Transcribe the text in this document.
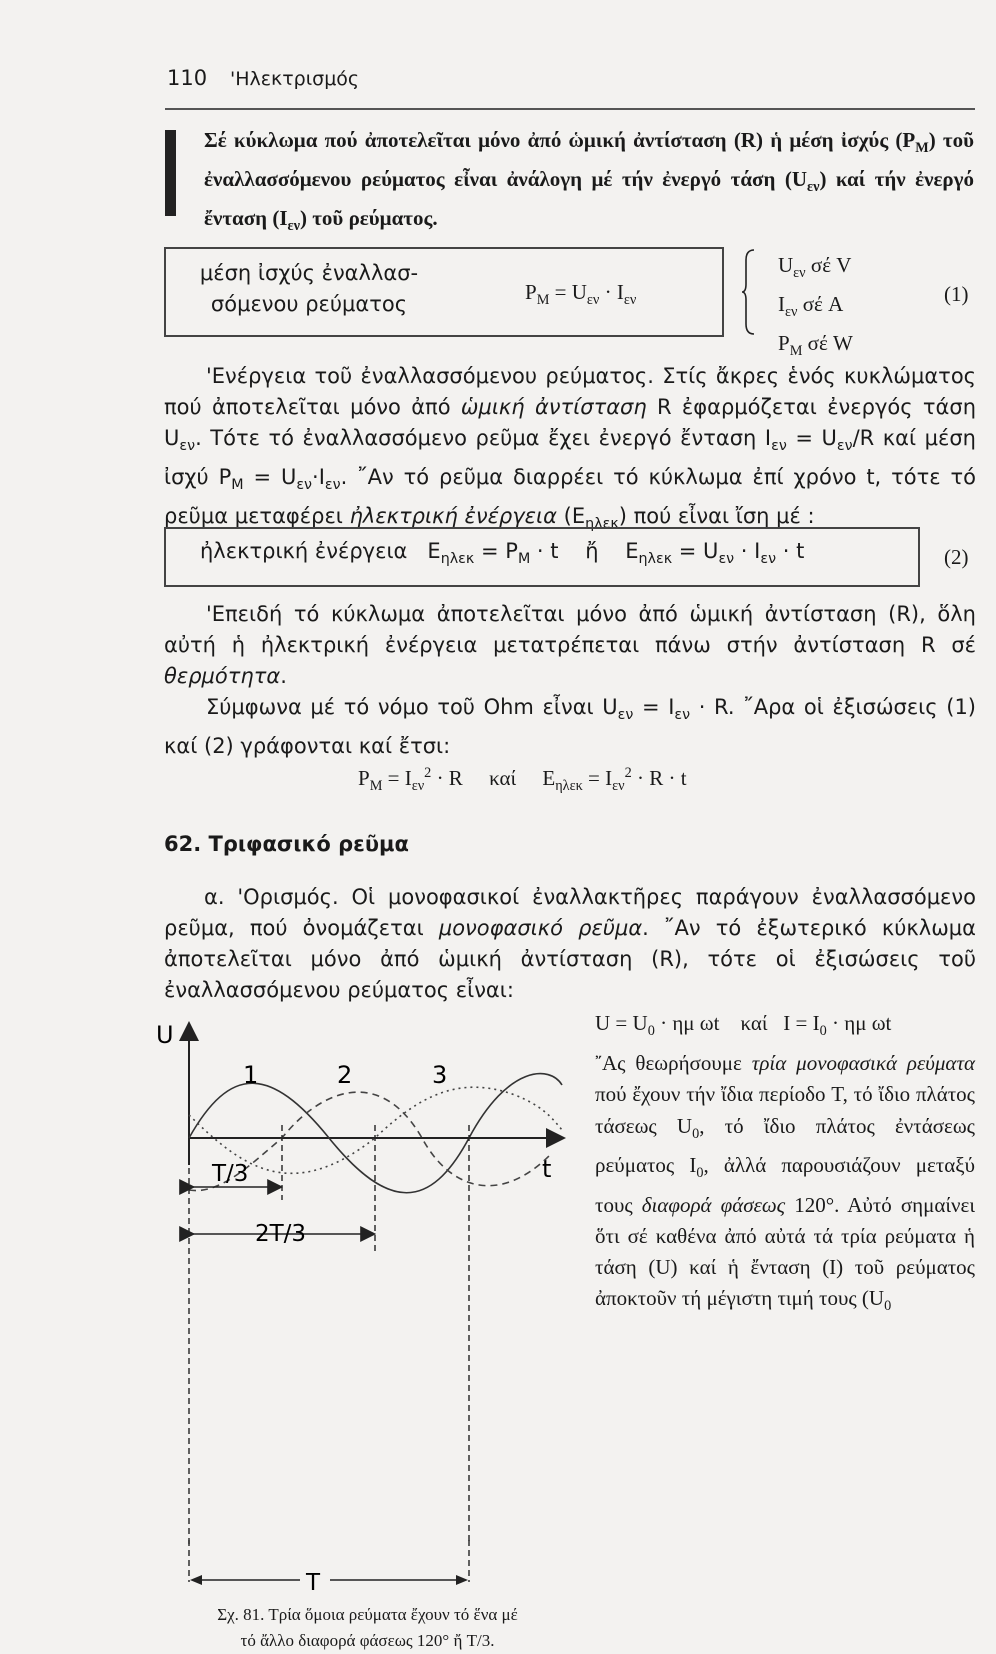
110 'Ηλεκτρισμός
Σέ κύκλωμα πού ἀποτελεῖται μόνο ἀπό ὡμική ἀντίσταση (R) ἡ μέση ἰσχύς $(P_M)$ τοῦ ἐναλλασσόμενου ρεύματος εἶναι ἀνάλογη μέ τήν ἐνεργό τάση $(U_{\varepsilon\nu})$ καί τήν ἐνεργό ἔνταση $(I_{\varepsilon\nu})$ τοῦ ρεύματος.
μέση ἰσχύς ἐναλλασ-
σόμενου ρεύματος	$P_M = U_{\varepsilon\nu} \cdot I_{\varepsilon\nu}$
$U_{\varepsilon\nu}$ σέ V
$I_{\varepsilon\nu}$ σέ A
$P_M$ σέ W
(1)
'Ενέργεια τοῦ ἐναλλασσόμενου ρεύματος. Στίς ἄκρες ἑνός κυκλώματος πού ἀποτελεῖται μόνο ἀπό ὡμική ἀντίσταση R ἐφαρμόζεται ἐνεργός τάση $U_{\varepsilon\nu}$. Τότε τό ἐναλλασσόμενο ρεῦμα ἔχει ἐνεργό ἔνταση $I_{\varepsilon\nu} = U_{\varepsilon\nu}/R$ καί μέση ἰσχύ $P_M = U_{\varepsilon\nu}\cdot I_{\varepsilon\nu}$. ῎Αν τό ρεῦμα διαρρέει τό κύκλωμα ἐπί χρόνο t, τότε τό ρεῦμα μεταφέρει ἠλεκτρική ἐνέργεια $(E_{\eta\lambda\varepsilon\kappa})$ πού εἶναι ἴση μέ :
ἠλεκτρική ἐνέργεια   $E_{\eta\lambda\varepsilon\kappa} = P_M \cdot t$    ἤ    $E_{\eta\lambda\varepsilon\kappa} = U_{\varepsilon\nu} \cdot I_{\varepsilon\nu} \cdot t$	(2)
'Επειδή τό κύκλωμα ἀποτελεῖται μόνο ἀπό ὡμική ἀντίσταση (R), ὅλη αὐτή ἡ ἠλεκτρική ἐνέργεια μετατρέπεται πάνω στήν ἀντίσταση R σέ θερμότητα.
Σύμφωνα μέ τό νόμο τοῦ Ohm εἶναι $U_{\varepsilon\nu} = I_{\varepsilon\nu} \cdot R$. ῎Αρα οἱ ἐξισώσεις (1) καί (2) γράφονται καί ἔτσι:
$P_M = I_{\varepsilon\nu}^2 \cdot R$     καί     $E_{\eta\lambda\varepsilon\kappa} = I_{\varepsilon\nu}^2 \cdot R \cdot t$
62. Τριφασικό ρεῦμα
α. 'Ορισμός. Οἱ μονοφασικοί ἐναλλακτῆρες παράγουν ἐναλλασσόμενο ρεῦμα, πού ὀνομάζεται μονοφασικό ρεῦμα. ῎Αν τό ἐξωτερικό κύκλωμα ἀποτελεῖται μόνο ἀπό ὡμική ἀντίσταση (R), τότε οἱ ἐξισώσεις τοῦ ἐναλλασσόμενου ρεύματος εἶναι:
U
t
1	2	3
T/3
2T/3
T
Σχ. 81. Τρία ὅμοια ρεύματα ἔχουν τό ἕνα μέ
τό ἄλλο διαφορά φάσεως 120° ἤ T/3.
$U = U_0 \cdot \eta\mu$ ωt    καί   $I = I_0 \cdot \eta\mu$ ωt
῎Ας θεωρήσουμε τρία μονοφασικά ρεύματα πού ἔχουν τήν ἴδια περίοδο T, τό ἴδιο πλάτος τάσεως $U_0$, τό ἴδιο πλάτος ἐντάσεως ρεύματος $I_0$, ἀλλά παρουσιάζουν μεταξύ τους διαφορά φάσεως 120°. Αὐτό σημαίνει ὅτι σέ καθένα ἀπό αὐτά τά τρία ρεύματα ἡ τάση (U) καί ἡ ἔνταση (I) τοῦ ρεύματος ἀποκτοῦν τή μέγιστη τιμή τους ($U_0$
